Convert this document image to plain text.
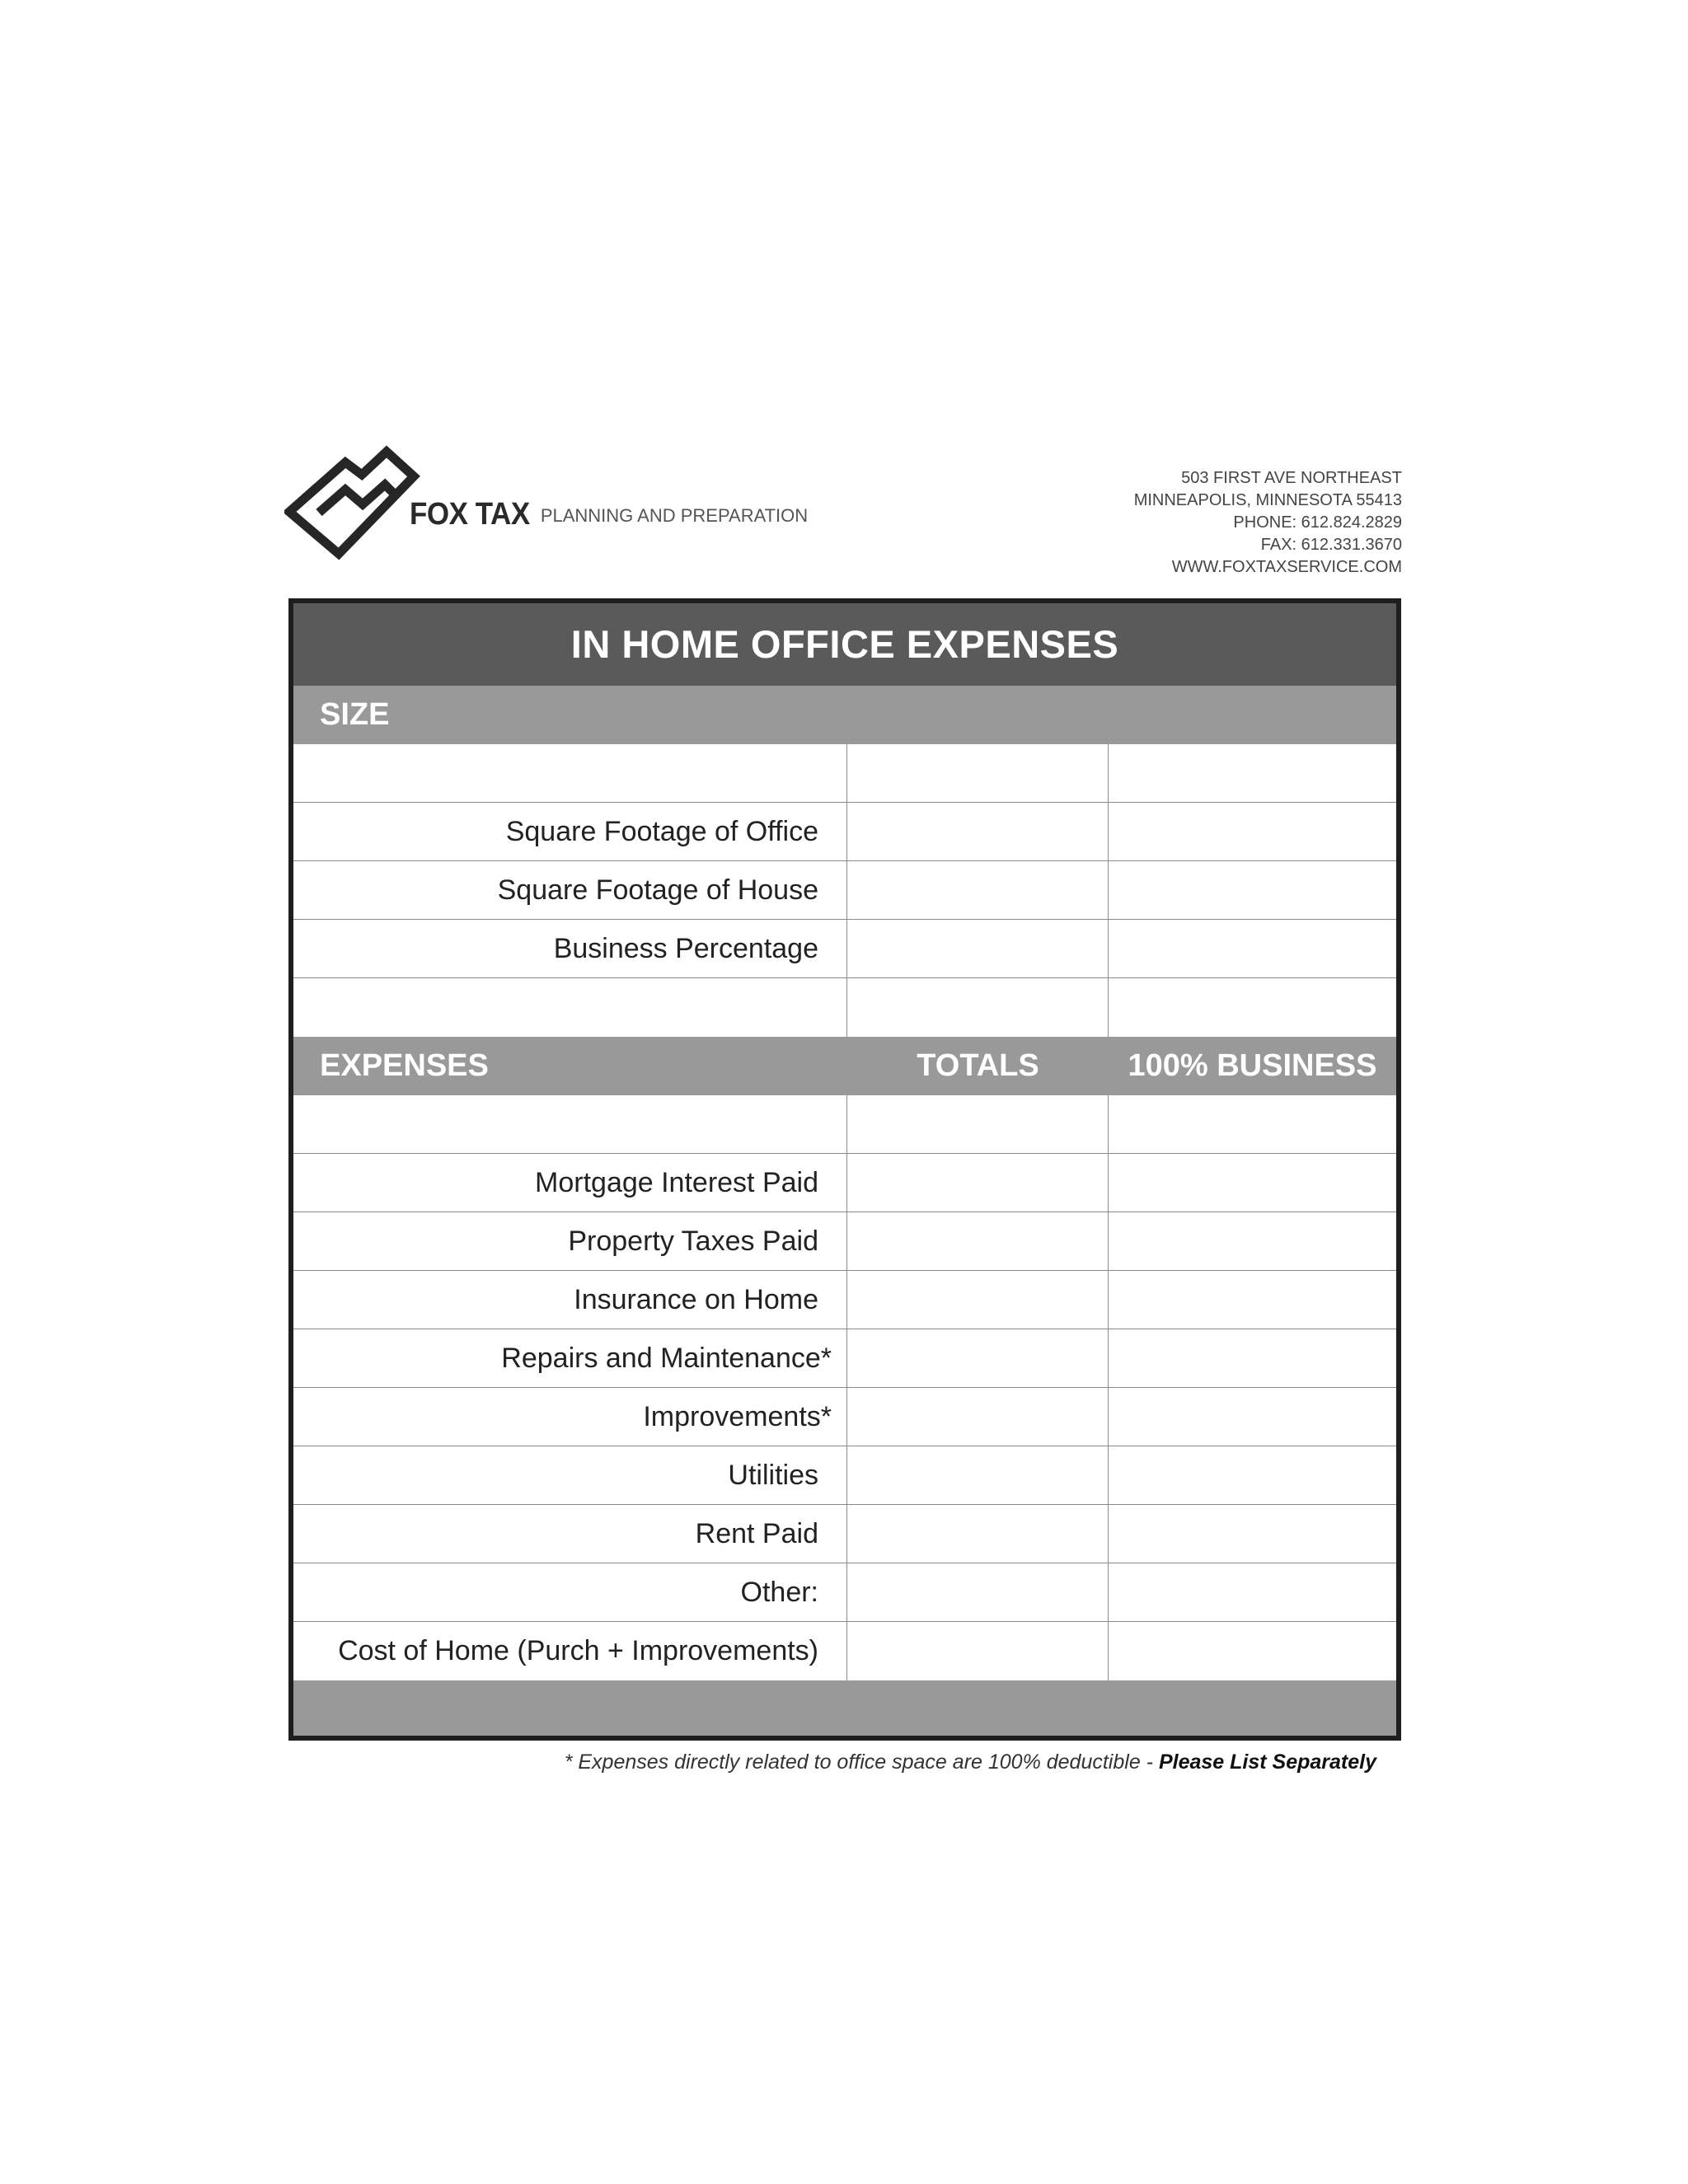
FOX TAX PLANNING AND PREPARATION
503 FIRST AVE NORTHEAST
MINNEAPOLIS, MINNESOTA 55413
PHONE: 612.824.2829
FAX: 612.331.3670
WWW.FOXTAXSERVICE.COM
IN HOME OFFICE EXPENSES
SIZE
Square Footage of Office
Square Footage of House
Business Percentage
EXPENSES	TOTALS	100% BUSINESS
Mortgage Interest Paid
Property Taxes Paid
Insurance on Home
Repairs and Maintenance*
Improvements*
Utilities
Rent Paid
Other:
Cost of Home (Purch + Improvements)
* Expenses directly related to office space are 100% deductible - Please List Separately
